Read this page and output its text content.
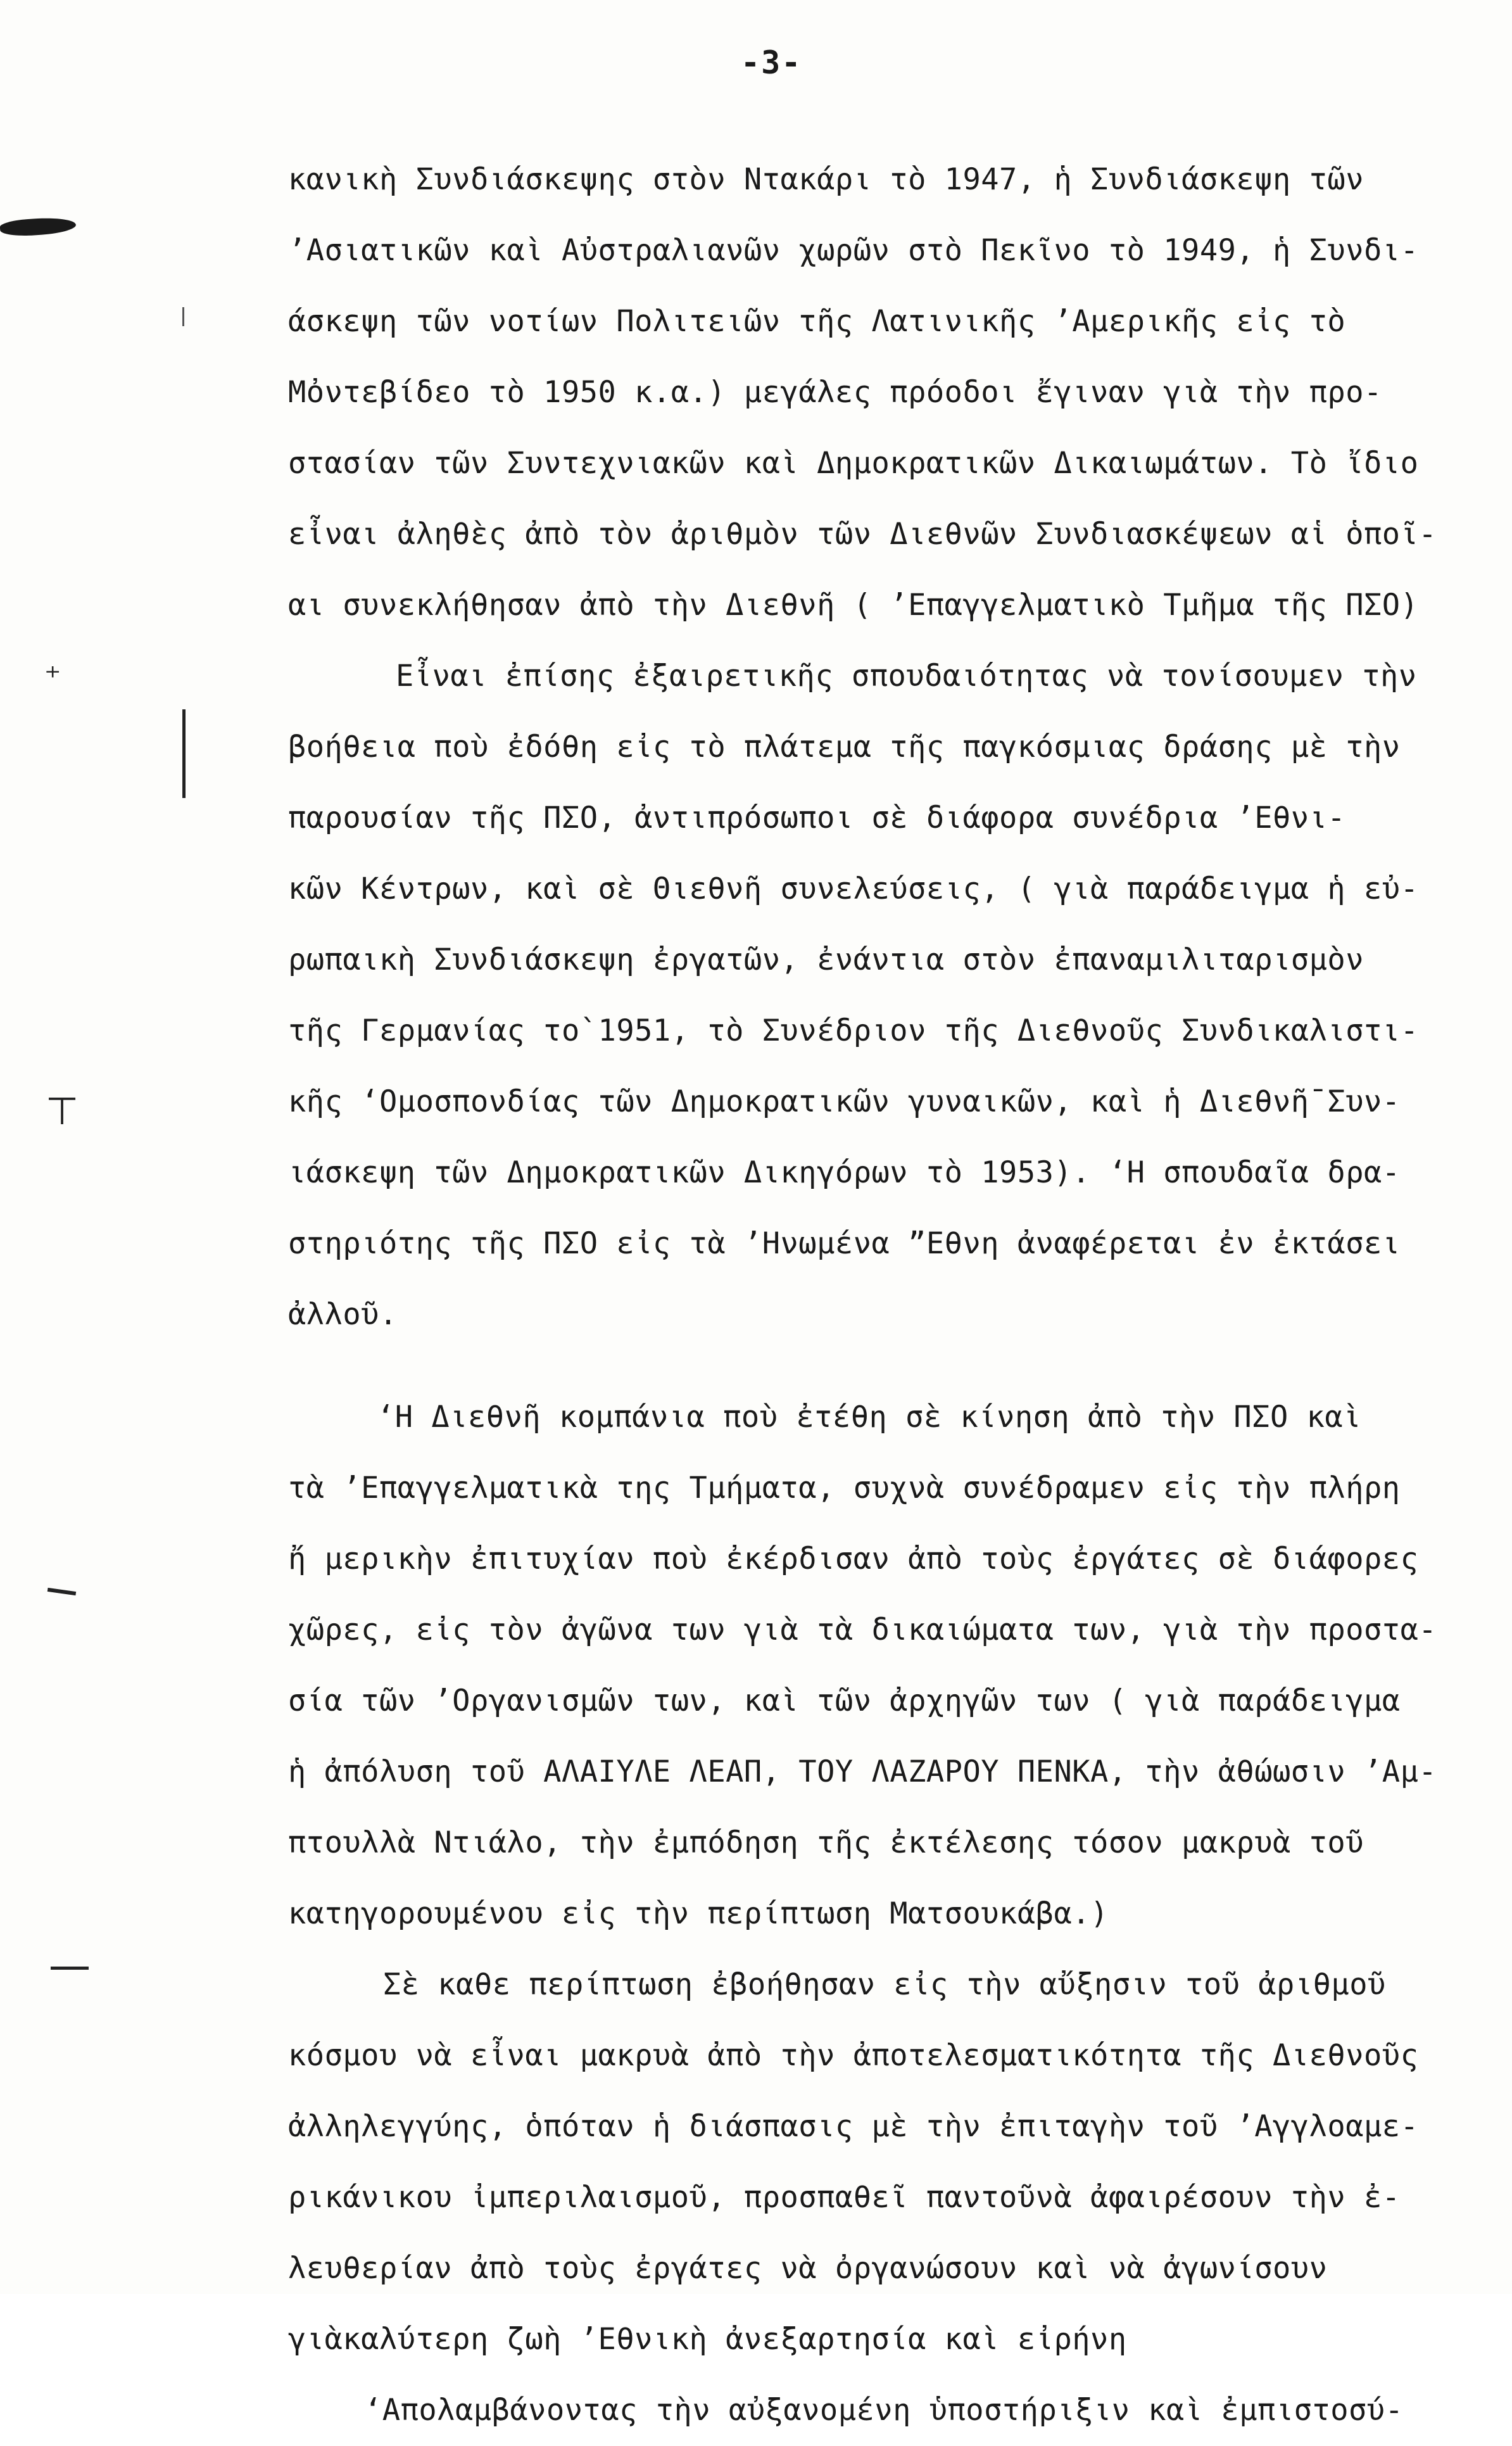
⁺
⊤
-3-
κανικὴ Συνδιάσκεψης στὸν Ντακάρι τὸ 1947, ἡ Συνδιάσκεψη τῶν
’Ασιατικῶν καὶ Αὐστραλιανῶν χωρῶν στὸ Πεκῖνο τὸ 1949, ἡ Συνδι-
άσκεψη τῶν νοτίων Πολιτειῶν τῆς Λατινικῆς ’Αμερικῆς εἰς τὸ
Μὀντεβίδεο τὸ 1950 κ.α.) μεγάλες πρόοδοι ἔγιναν γιὰ τὴν προ-
στασίαν τῶν Συντεχνιακῶν καὶ Δημοκρατικῶν Δικαιωμάτων. Τὸ ἴδιο
εἶναι ἀληθὲς ἀπὸ τὸν ἀριθμὸν τῶν Διεθνῶν Συνδιασκέψεων αἱ ὁποῖ-
αι συνεκλήθησαν ἀπὸ τὴν Διεθνῆ ( ’Επαγγελματικὸ Τμῆμα τῆς ΠΣΟ)
Εἶναι ἐπίσης ἐξαιρετικῆς σπουδαιότητας νὰ τονίσουμεν τὴν
βοήθεια ποὺ ἐδόθη εἰς τὸ πλάτεμα τῆς παγκόσμιας δράσης μὲ τὴν
παρουσίαν τῆς ΠΣΟ, ἀντιπρόσωποι σὲ διάφορα συνέδρια ’Εθνι-
κῶν Κέντρων, καὶ σὲ Θιεθνῆ συνελεύσεις, ( γιὰ παράδειγμα ἡ εὐ-
ρωπαικὴ Συνδιάσκεψη ἐργατῶν, ἐνάντια στὸν ἐπαναμιλιταρισμὸν
τῆς Γερμανίας το`1951, τὸ Συνέδριον τῆς Διεθνοῦς Συνδικαλιστι-
κῆς ‘Ομοσπονδίας τῶν Δημοκρατικῶν γυναικῶν, καὶ ἡ Διεθνῆ¯Συν-
ιάσκεψη τῶν Δημοκρατικῶν Δικηγόρων τὸ 1953). ‘Η σπουδαῖα δρα-
στηριότης τῆς ΠΣΟ εἰς τὰ ’Ηνωμένα ˮΕθνη ἀναφέρεται ἐν ἐκτάσει
ἀλλοῦ.
‘Η Διεθνῆ κομπάνια ποὺ ἐτέθη σὲ κίνηση ἀπὸ τὴν ΠΣΟ καὶ
τὰ ’Επαγγελματικὰ της Τμήματα, συχνὰ συνέδραμεν εἰς τὴν πλήρη
ἤ μερικὴν ἐπιτυχίαν ποὺ ἐκέρδισαν ἀπὸ τοὺς ἐργάτες σὲ διάφορες
χῶρες, εἰς τὸν ἀγῶνα των γιὰ τὰ δικαιώματα των, γιὰ τὴν προστα-
σία τῶν ’Οργανισμῶν των, καὶ τῶν ἀρχηγῶν των ( γιὰ παράδειγμα
ἡ ἀπόλυση τοῦ ΑΛΑΙΥΛΕ ΛΕΑΠ, ΤΟΥ ΛΑΖΑΡΟΥ ΠΕΝΚΑ, τὴν ἀθώωσιν ’Αμ-
πτουλλὰ Ντιάλο, τὴν ἐμπόδηση τῆς ἐκτέλεσης τόσον μακρυὰ τοῦ
κατηγορουμένου εἰς τὴν περίπτωση Ματσουκάβα.)
Σὲ καθε περίπτωση ἐβοήθησαν εἰς τὴν αὔξησιν τοῦ ἀριθμοῦ
κόσμου νὰ εἶναι μακρυὰ ἀπὸ τὴν ἀποτελεσματικότητα τῆς Διεθνοῦς
ἀλληλεγγύης, ὁπόταν ἡ διάσπασις μὲ τὴν ἐπιταγὴν τοῦ ’Αγγλοαμε-
ρικάνικου ἰμπεριλαισμοῦ, προσπαθεῖ παντοῦνὰ ἀφαιρέσουν τὴν ἐ-
λευθερίαν ἀπὸ τοὺς ἐργάτες νὰ ὀργανώσουν καὶ νὰ ἀγωνίσουν
γιὰκαλύτερη ζωὴ ’Εθνικὴ ἀνεξαρτησία καὶ εἰρήνη
‘Απολαμβάνοντας τὴν αὐξανομένη ὑποστήριξιν καὶ ἐμπιστοσύ-
